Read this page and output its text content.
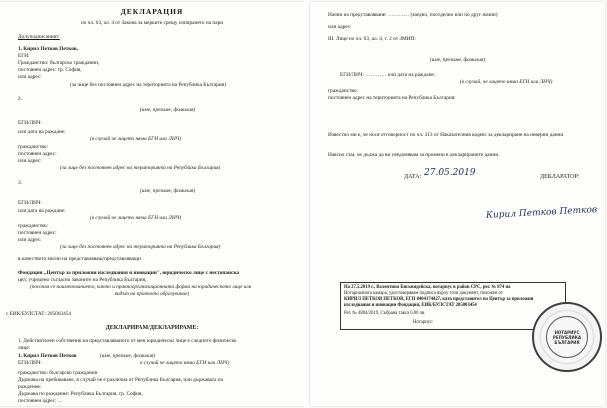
ДЕКЛАРАЦИЯ
по чл. 63, ал. 4 от Закона за мерките срещу изпирането на пари
Долуподписаният:
1. Кирил Петков Петков,
ЕГН:
Гражданство: българско гражданин,
постоянен адрес: гр. София,
или адрес:
(за лице без постоянен адрес на територията на Република България)
2.
(име, презиме, фамилия)
ЕГН/ЛНЧ:
или дата на раждане:
(в случай че лицето няма ЕГН или ЛНЧ)
гражданство:
постоянен адрес:
или адрес:
(за лице без постоянен адрес на територията на Република България)
3.
(име, презиме, фамилия)
ЕГН/ЛНЧ:
или дата на раждане:
(в случай че лицето няма ЕГН или ЛНЧ)
гражданство:
постоянен адрес:
или адрес:
(за лице без постоянен адрес на територията на Република България)
в качеството ми/ни на представляващ/представляващи
Фондация „Център за приложни изследвания и иновации", юридическо лице с нестопанска
цел, учредено съгласно законите на Република България,
(посочва се наименованието, както и правноорганизационната форма на юридическото лице или
видът на правното образувание)
с ЕИК/БУЛСТАТ: 205003454
ДЕКЛАРИРАМ/ДЕКЛАРИРАМЕ:
1. Действителен собственик на представляваното от мен юридическо лице е следното физическо
лице:
1. Кирил Петков Петков	(име, презиме, фамилия)
ЕГН/ЛНЧ:	в случай че лицето няма ЕГН или ЛНЧ)
гражданство: българско гражданин
Държава на пребиваване, в случай че е различна от Република България, или държавата по
рождение:
Държава по рождение: Република България, гр. София,
постоянен адрес: ...
Начин на представляване: ………… (заедно, поотделно или по друг начин)
или адрес:
III. Лице по чл. 63, ал. 4, т. 2 от ЗМИП:
(име, презиме, фамилия)
ЕГН/ЛНЧ: ………… или дата на раждане:
(в случай, че лицето няма ЕГН или ЛНЧ)
гражданство:
постоянен адрес на територията на Република България:
Известно ми е, че нося отговорност по чл. 313 от Наказателния кодекс за деклариране на неверни данни.
Наясно съм, че дължа да ви уведомявам за промени в декларираните данни.
ДАТА: 27.05.2019	ДЕКЛАРАТОР:
Кирил Петков Петков
На 27.5.2019 г., Валентина Бисквидейска, нотариус в район СРС, рег. № 874 на
Нотариалната камара, удостоверявам подписа върху този документ, положен от
КИРИЛ ПЕТКОВ ПЕТКОВ, ЕГН 8404174427, като представител на Център за приложни
изследвания и иновации Фондация, ЕИК/БУЛСТАТ 205003454
Рег. № 4804/2019, Събрана такса 6.00 лв.
Нотариус:
НОТАРИУС РЕПУБЛИКА БЪЛГАРИЯ
